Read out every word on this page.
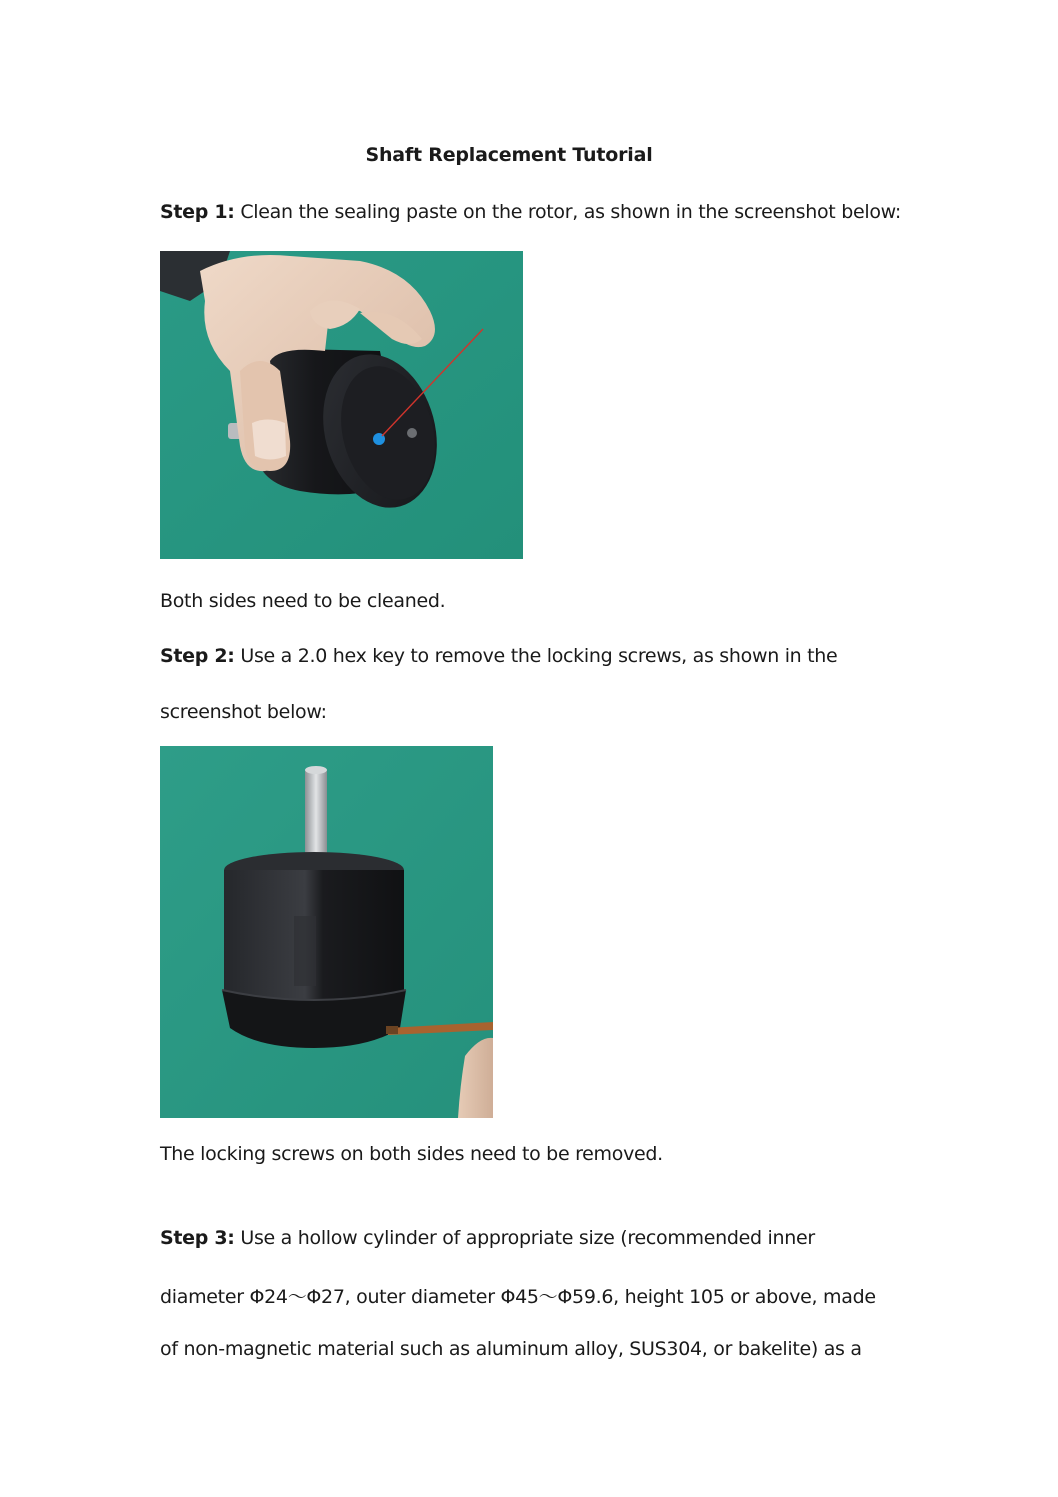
Shaft Replacement Tutorial
Step 1: Clean the sealing paste on the rotor, as shown in the screenshot below:
Both sides need to be cleaned.
Step 2: Use a 2.0 hex key to remove the locking screws, as shown in the
screenshot below:
The locking screws on both sides need to be removed.
Step 3: Use a hollow cylinder of appropriate size (recommended inner
diameter Φ24～Φ27, outer diameter Φ45～Φ59.6, height 105 or above, made
of non-magnetic material such as aluminum alloy, SUS304, or bakelite) as a
